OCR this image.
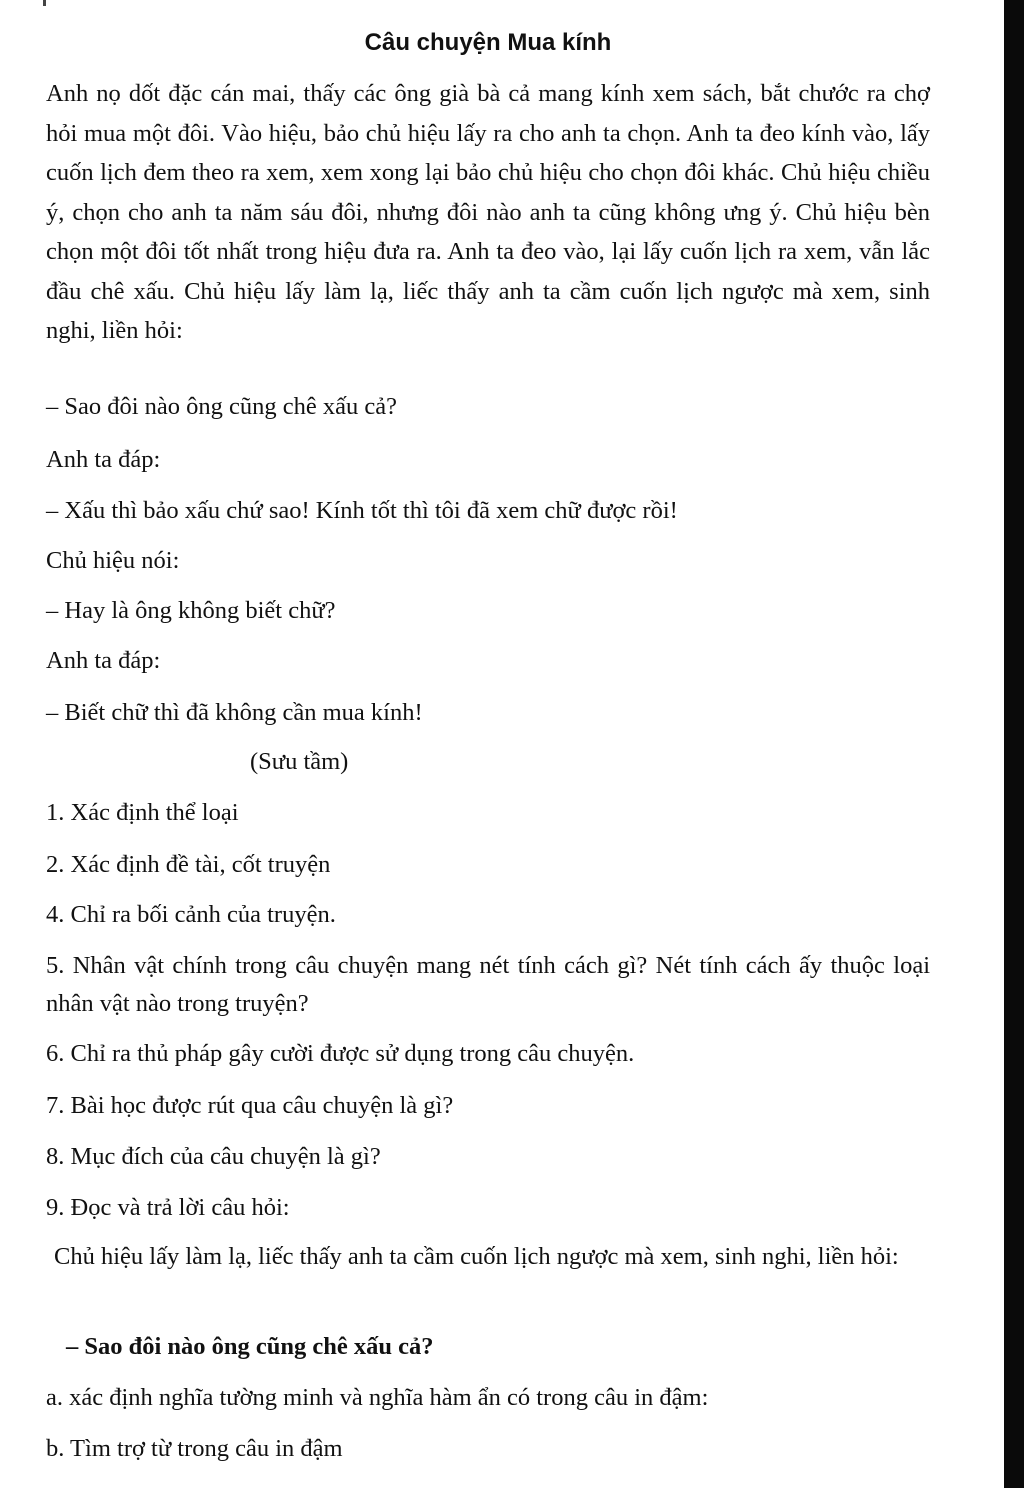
Câu chuyện Mua kính

Anh nọ dốt đặc cán mai, thấy các ông già bà cả mang kính xem sách, bắt chước ra chợ hỏi mua một đôi. Vào hiệu, bảo chủ hiệu lấy ra cho anh ta chọn. Anh ta đeo kính vào, lấy cuốn lịch đem theo ra xem, xem xong lại bảo chủ hiệu cho chọn đôi khác. Chủ hiệu chiều ý, chọn cho anh ta năm sáu đôi, nhưng đôi nào anh ta cũng không ưng ý. Chủ hiệu bèn chọn một đôi tốt nhất trong hiệu đưa ra. Anh ta đeo vào, lại lấy cuốn lịch ra xem, vẫn lắc đầu chê xấu. Chủ hiệu lấy làm lạ, liếc thấy anh ta cầm cuốn lịch ngược mà xem, sinh nghi, liền hỏi:

– Sao đôi nào ông cũng chê xấu cả?

Anh ta đáp:

– Xấu thì bảo xấu chứ sao! Kính tốt thì tôi đã xem chữ được rồi!

Chủ hiệu nói:

– Hay là ông không biết chữ?

Anh ta đáp:

– Biết chữ thì đã không cần mua kính!

(Sưu tầm)

1. Xác định thể loại

2. Xác định đề tài, cốt truyện

4. Chỉ ra bối cảnh của truyện.

5. Nhân vật chính trong câu chuyện mang nét tính cách gì? Nét tính cách ấy thuộc loại nhân vật nào trong truyện?

6. Chỉ ra thủ pháp gây cười được sử dụng trong câu chuyện.

7. Bài học được rút qua câu chuyện là gì?

8. Mục đích của câu chuyện là gì?

9. Đọc và trả lời câu hỏi:

Chủ hiệu lấy làm lạ, liếc thấy anh ta cầm cuốn lịch ngược mà xem, sinh nghi, liền hỏi:

– Sao đôi nào ông cũng chê xấu cả?

a. xác định nghĩa tường minh và nghĩa hàm ẩn có trong câu in đậm:

b. Tìm trợ từ trong câu in đậm
